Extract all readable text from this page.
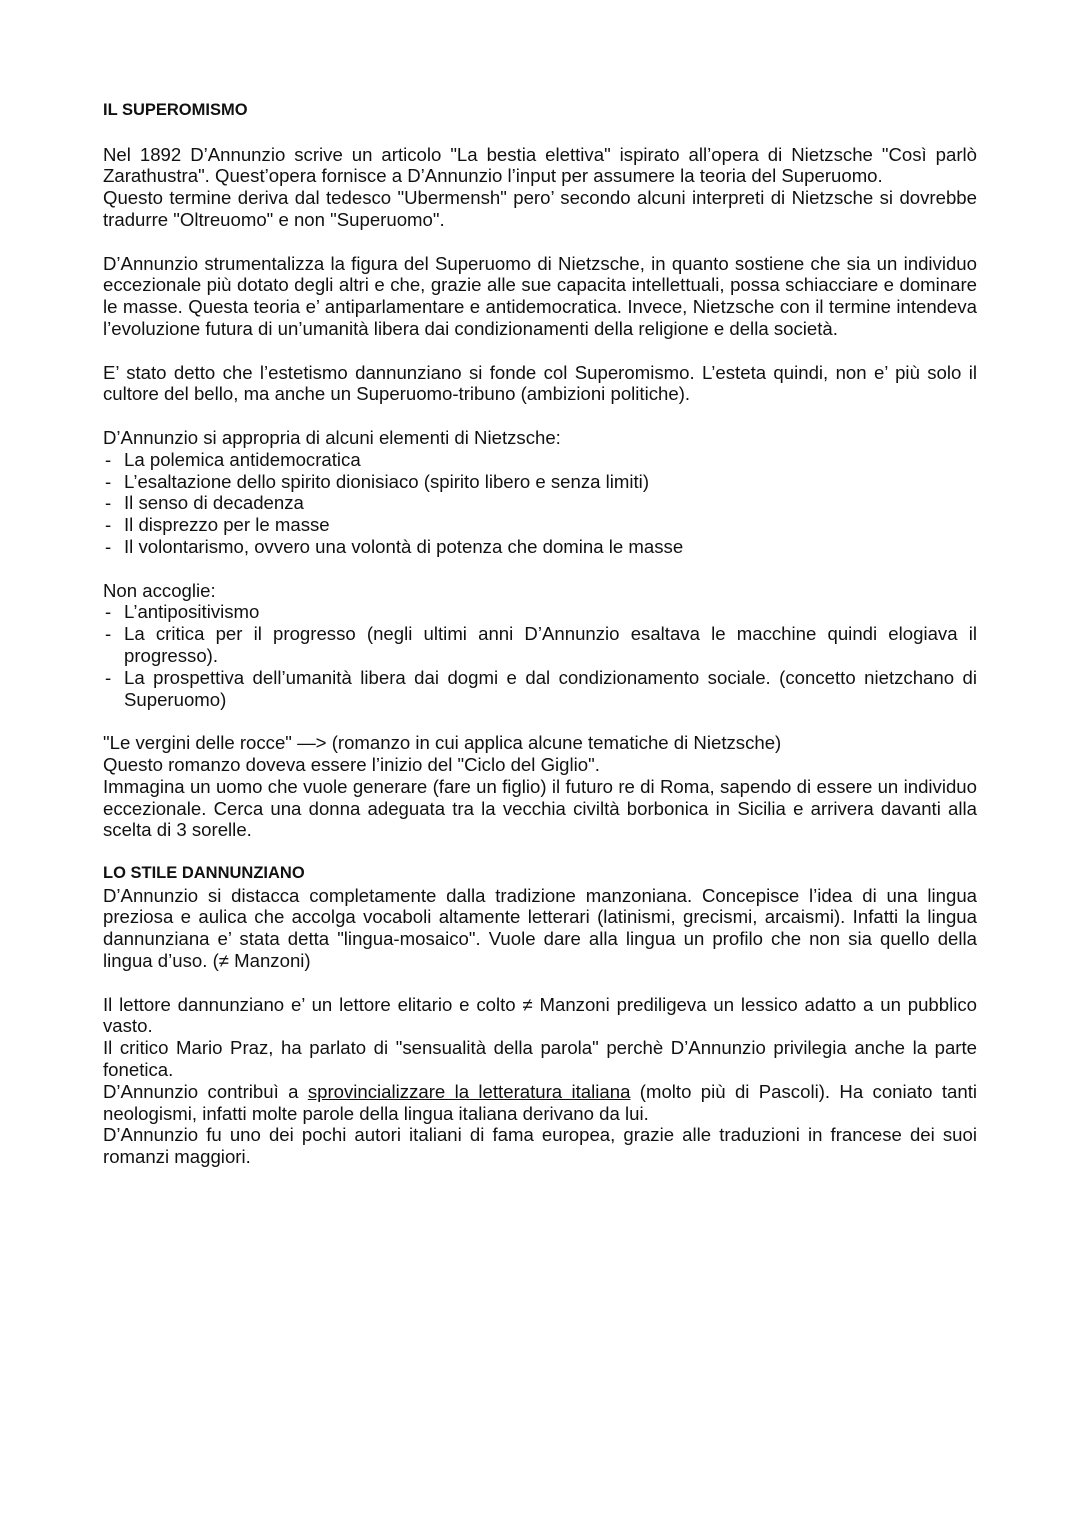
IL SUPEROMISMO

Nel 1892 D’Annunzio scrive un articolo "La bestia elettiva" ispirato all’opera di Nietzsche "Così parlò Zarathustra". Quest’opera fornisce a D’Annunzio l’input per assumere la teoria del Superuomo.

Questo termine deriva dal tedesco "Ubermensh" pero’ secondo alcuni interpreti di Nietzsche si dovrebbe tradurre "Oltreuomo" e non "Superuomo".

D’Annunzio strumentalizza la figura del Superuomo di Nietzsche, in quanto sostiene che sia un individuo eccezionale più dotato degli altri e che, grazie alle sue capacita intellettuali, possa schiacciare e dominare le masse. Questa teoria e’ antiparlamentare e antidemocratica. Invece, Nietzsche con il termine intendeva l’evoluzione futura di un’umanità libera dai condizionamenti della religione e della società.

E’ stato detto che l’estetismo dannunziano si fonde col Superomismo. L’esteta quindi, non e’ più solo il cultore del bello, ma anche un Superuomo-tribuno (ambizioni politiche).

D’Annunzio si appropria di alcuni elementi di Nietzsche:

- La polemica antidemocratica
- L’esaltazione dello spirito dionisiaco (spirito libero e senza limiti)
- Il senso di decadenza
- Il disprezzo per le masse
- Il volontarismo, ovvero una volontà di potenza che domina le masse

Non accoglie:

- L’antipositivismo
- La critica per il progresso (negli ultimi anni D’Annunzio esaltava le macchine quindi elogiava il progresso).
- La prospettiva dell’umanità libera dai dogmi e dal condizionamento sociale. (concetto nietzchano di Superuomo)

"Le vergini delle rocce" —> (romanzo in cui applica alcune tematiche di Nietzsche)

Questo romanzo doveva essere l’inizio del "Ciclo del Giglio".

Immagina un uomo che vuole generare (fare un figlio) il futuro re di Roma, sapendo di essere un individuo eccezionale. Cerca una donna adeguata tra la vecchia civiltà borbonica in Sicilia e arrivera davanti alla scelta di 3 sorelle.

LO STILE DANNUNZIANO

D’Annunzio si distacca completamente dalla tradizione manzoniana. Concepisce l’idea di una lingua preziosa e aulica che accolga vocaboli altamente letterari (latinismi, grecismi, arcaismi). Infatti la lingua dannunziana e’ stata detta "lingua-mosaico". Vuole dare alla lingua un profilo che non sia quello della lingua d’uso. (≠ Manzoni)

Il lettore dannunziano e’ un lettore elitario e colto ≠ Manzoni prediligeva un lessico adatto a un pubblico vasto.

Il critico Mario Praz, ha parlato di "sensualità della parola" perchè D’Annunzio privilegia anche la parte fonetica.

D’Annunzio contribuì a sprovincializzare la letteratura italiana (molto più di Pascoli). Ha coniato tanti neologismi, infatti molte parole della lingua italiana derivano da lui.

D’Annunzio fu uno dei pochi autori italiani di fama europea, grazie alle traduzioni in francese dei suoi romanzi maggiori.
